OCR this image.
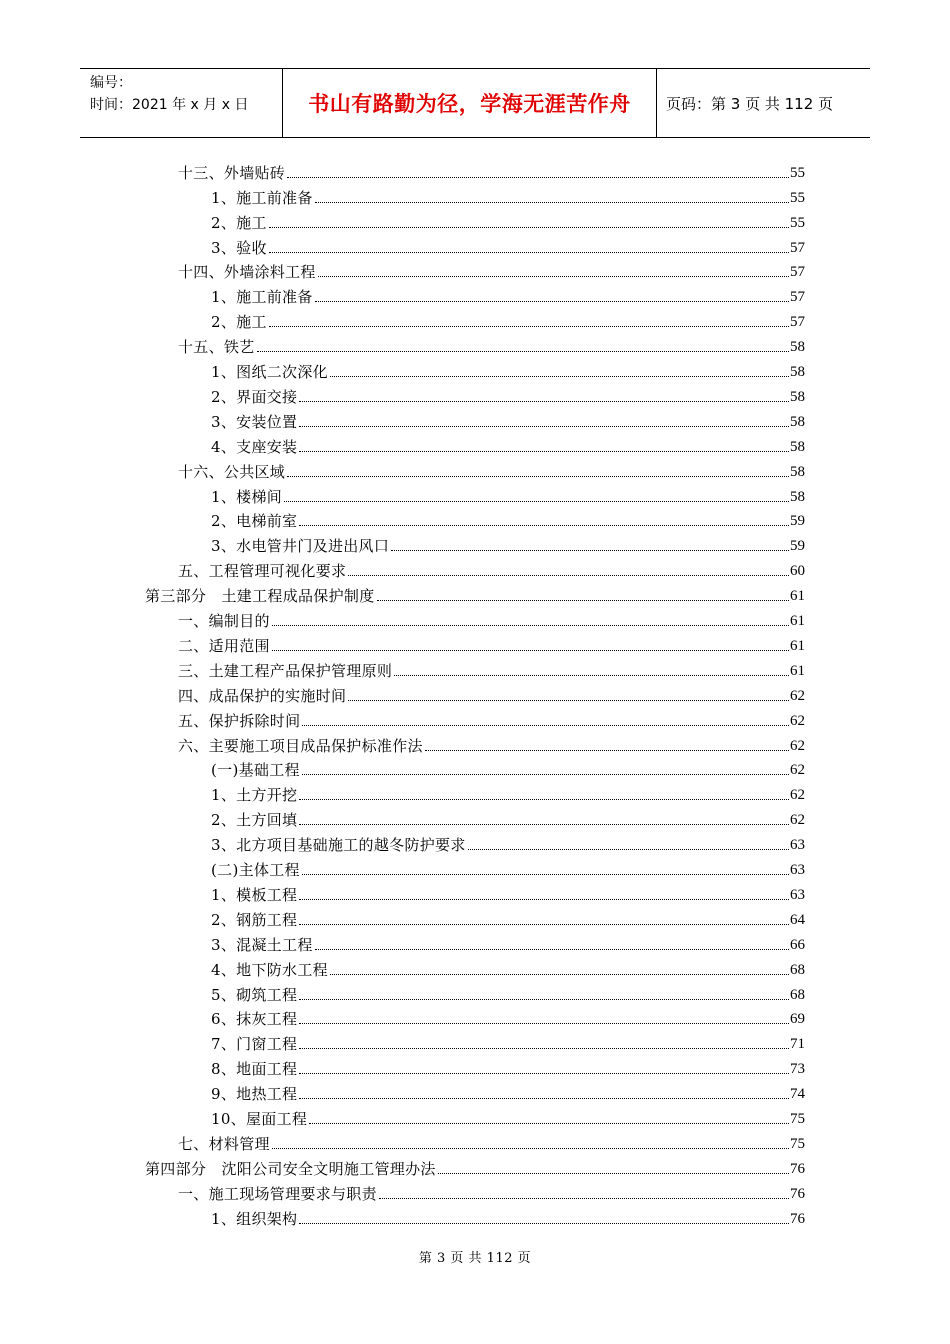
编号：
时间：2021 年 x 月 x 日	书山有路勤为径，学海无涯苦作舟	页码：第 3 页 共 112 页
十三、外墙贴砖	55
1、施工前准备	55
2、施工	55
3、验收	57
十四、外墙涂料工程	57
1、施工前准备	57
2、施工	57
十五、铁艺	58
1、图纸二次深化	58
2、界面交接	58
3、安装位置	58
4、支座安装	58
十六、公共区域	58
1、楼梯间	58
2、电梯前室	59
3、水电管井门及进出风口	59
五、工程管理可视化要求	60
第三部分　土建工程成品保护制度	61
一、编制目的	61
二、适用范围	61
三、土建工程产品保护管理原则	61
四、成品保护的实施时间	62
五、保护拆除时间	62
六、主要施工项目成品保护标准作法	62
(一)基础工程	62
1、土方开挖	62
2、土方回填	62
3、北方项目基础施工的越冬防护要求	63
(二)主体工程	63
1、模板工程	63
2、钢筋工程	64
3、混凝土工程	66
4、地下防水工程	68
5、砌筑工程	68
6、抹灰工程	69
7、门窗工程	71
8、地面工程	73
9、地热工程	74
10、屋面工程	75
七、材料管理	75
第四部分　沈阳公司安全文明施工管理办法	76
一、施工现场管理要求与职责	76
1、组织架构	76
第 3 页 共 112 页
